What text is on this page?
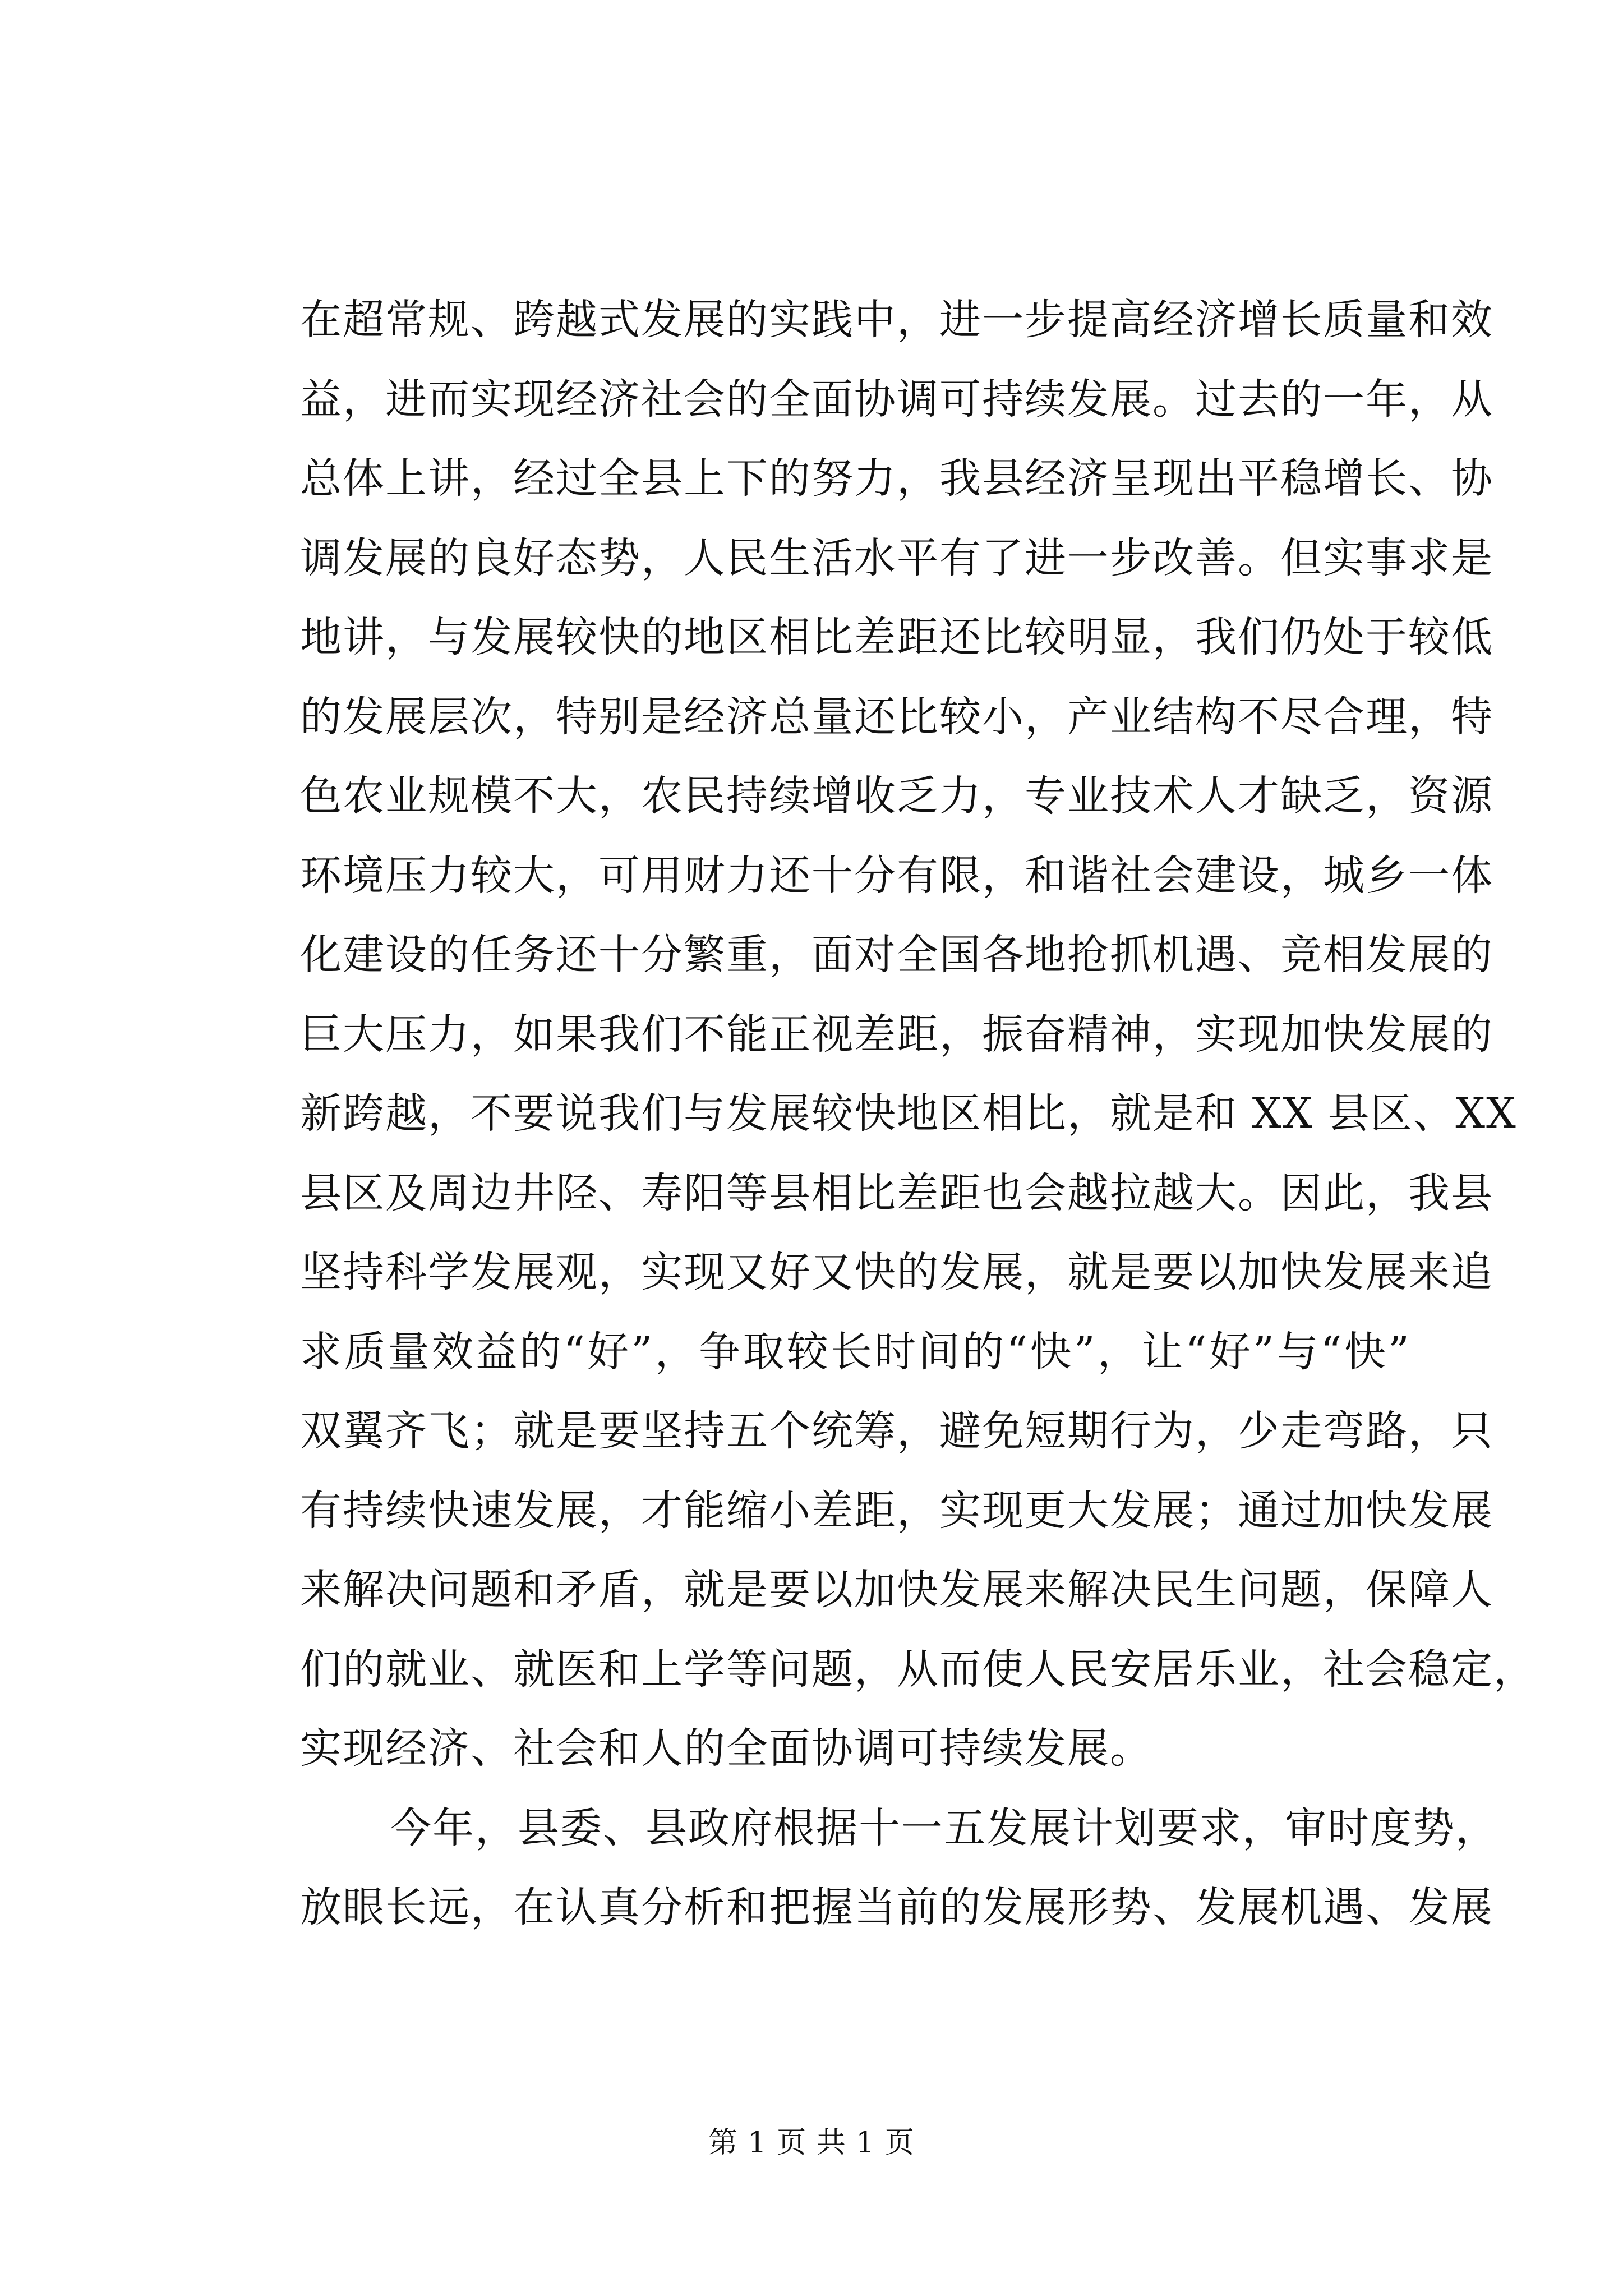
在超常规、跨越式发展的实践中，进一步提高经济增长质量和效
益，进而实现经济社会的全面协调可持续发展。过去的一年，从
总体上讲，经过全县上下的努力，我县经济呈现出平稳增长、协
调发展的良好态势，人民生活水平有了进一步改善。但实事求是
地讲，与发展较快的地区相比差距还比较明显，我们仍处于较低
的发展层次，特别是经济总量还比较小，产业结构不尽合理，特
色农业规模不大，农民持续增收乏力，专业技术人才缺乏，资源
环境压力较大，可用财力还十分有限，和谐社会建设，城乡一体
化建设的任务还十分繁重，面对全国各地抢抓机遇、竞相发展的
巨大压力，如果我们不能正视差距，振奋精神，实现加快发展的
新跨越，不要说我们与发展较快地区相比，就是和 XX 县区、XX
县区及周边井陉、寿阳等县相比差距也会越拉越大。因此，我县
坚持科学发展观，实现又好又快的发展，就是要以加快发展来追
求质量效益的“好”，争取较长时间的“快”，让“好”与“快”
双翼齐飞；就是要坚持五个统筹，避免短期行为，少走弯路，只
有持续快速发展，才能缩小差距，实现更大发展；通过加快发展
来解决问题和矛盾，就是要以加快发展来解决民生问题，保障人
们的就业、就医和上学等问题，从而使人民安居乐业，社会稳定，
实现经济、社会和人的全面协调可持续发展。
今年，县委、县政府根据十一五发展计划要求，审时度势，
放眼长远，在认真分析和把握当前的发展形势、发展机遇、发展
第 1 页 共 1 页
